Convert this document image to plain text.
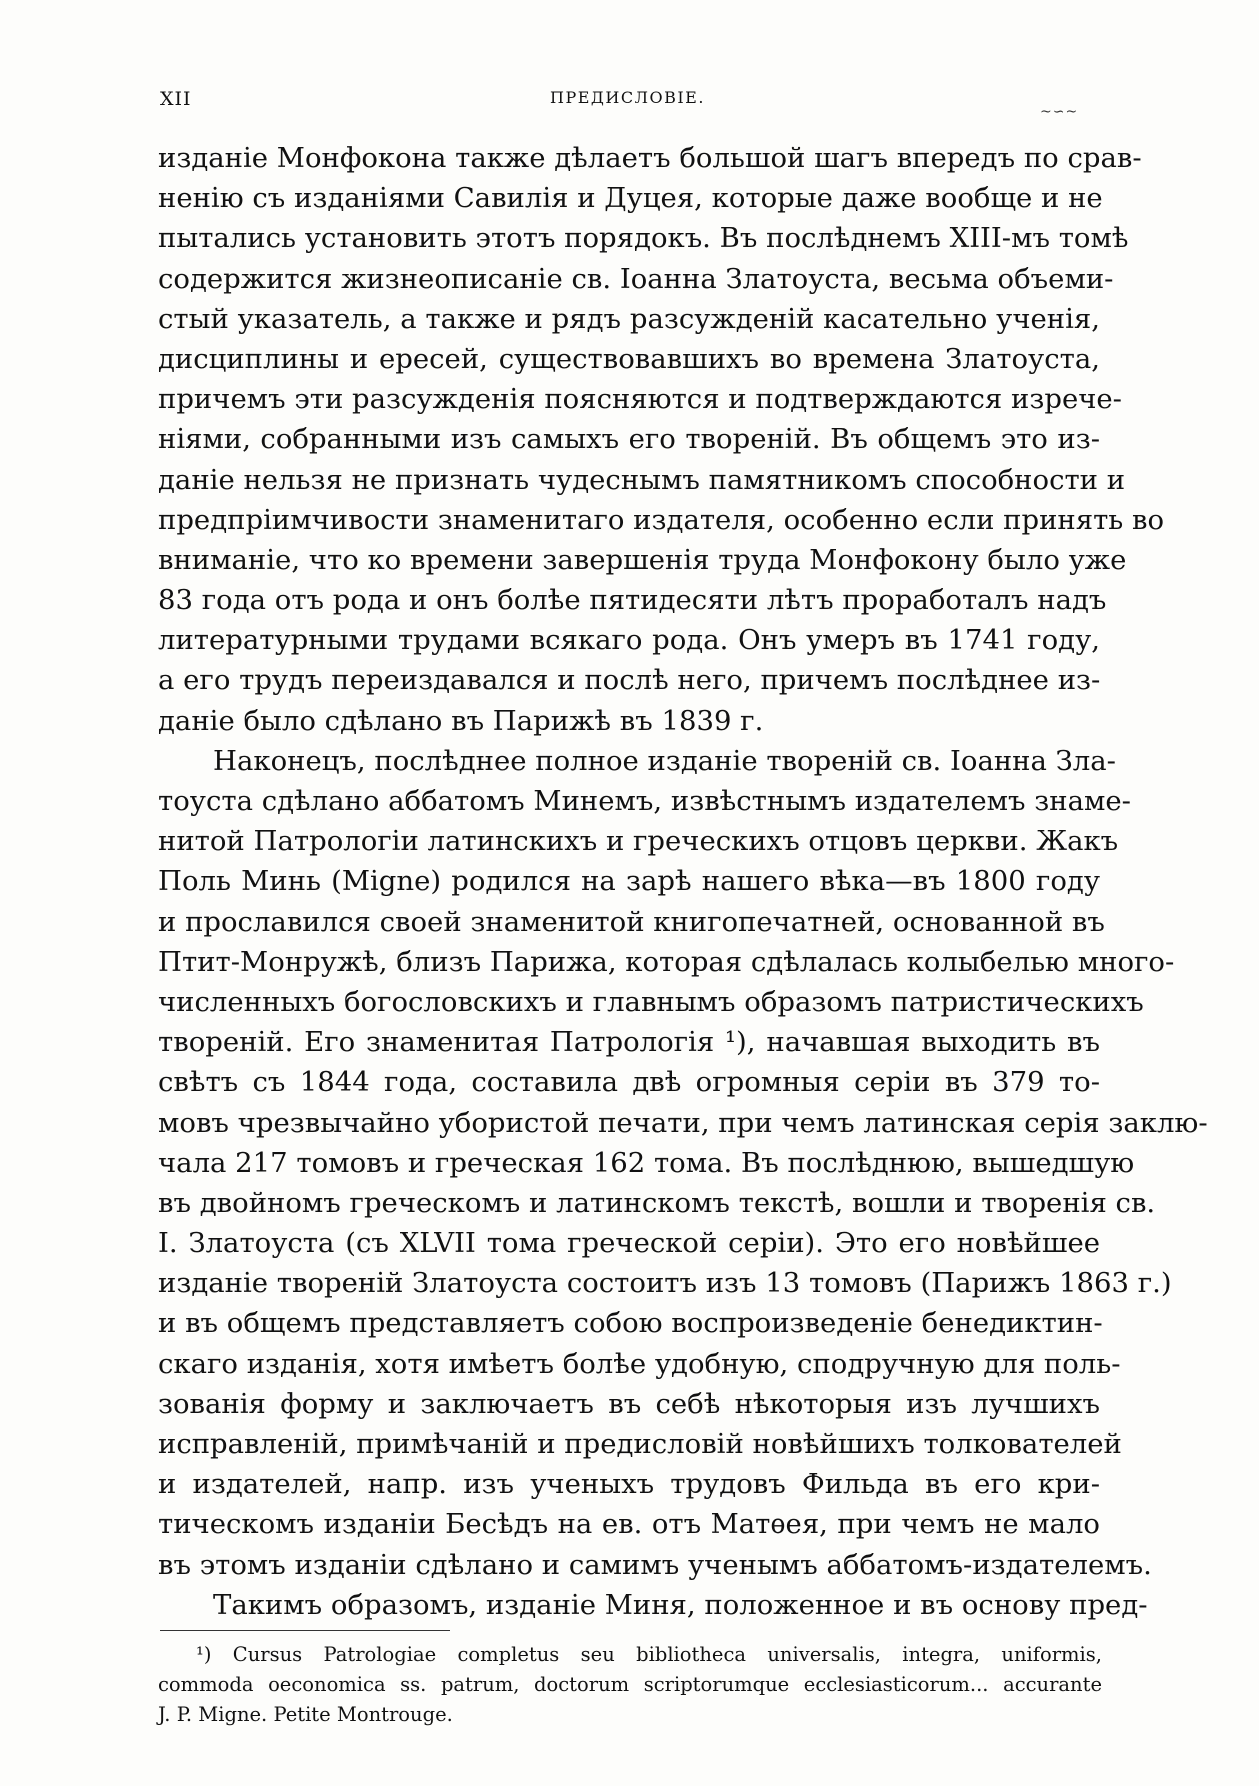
XII	ПРЕДИСЛОВІЕ.
~∽~
изданіе Монфокона также дѣлаетъ большой шагъ впередъ по срав-
ненію съ изданіями Савилія и Дуцея, которые даже вообще и не
пытались установить этотъ порядокъ. Въ послѣднемъ XIII-мъ томѣ
содержится жизнеописаніе св. Іоанна Златоуста, весьма объеми-
стый указатель, а также и рядъ разсужденій касательно ученія,
дисциплины и ересей, существовавшихъ во времена Златоуста,
причемъ эти разсужденія поясняются и подтверждаются изрече-
ніями, собранными изъ самыхъ его твореній. Въ общемъ это из-
даніе нельзя не признать чудеснымъ памятникомъ способности и
предпріимчивости знаменитаго издателя, особенно если принять во
вниманіе, что ко времени завершенія труда Монфокону было уже
83 года отъ рода и онъ болѣе пятидесяти лѣтъ проработалъ надъ
литературными трудами всякаго рода. Онъ умеръ въ 1741 году,
а его трудъ переиздавался и послѣ него, причемъ послѣднее из-
даніе было сдѣлано въ Парижѣ въ 1839 г.
Наконецъ, послѣднее полное изданіе твореній св. Іоанна Зла-
тоуста сдѣлано аббатомъ Минемъ, извѣстнымъ издателемъ знаме-
нитой Патрологіи латинскихъ и греческихъ отцовъ церкви. Жакъ
Поль Минь (Migne) родился на зарѣ нашего вѣка—въ 1800 году
и прославился своей знаменитой книгопечатней, основанной въ
Птит-Монружѣ, близъ Парижа, которая сдѣлалась колыбелью много-
численныхъ богословскихъ и главнымъ образомъ патристическихъ
твореній. Его знаменитая Патрологія ¹), начавшая выходить въ
свѣтъ съ 1844 года, составила двѣ огромныя серіи въ 379 то-
мовъ чрезвычайно убористой печати, при чемъ латинская серія заклю-
чала 217 томовъ и греческая 162 тома. Въ послѣднюю, вышедшую
въ двойномъ греческомъ и латинскомъ текстѣ, вошли и творенія св.
І. Златоуста (съ XLVII тома греческой серіи). Это его новѣйшее
изданіе твореній Златоуста состоитъ изъ 13 томовъ (Парижъ 1863 г.)
и въ общемъ представляетъ собою воспроизведеніе бенедиктин-
скаго изданія, хотя имѣетъ болѣе удобную, сподручную для поль-
зованія форму и заключаетъ въ себѣ нѣкоторыя изъ лучшихъ
исправленій, примѣчаній и предисловій новѣйшихъ толкователей
и издателей, напр. изъ ученыхъ трудовъ Фильда въ его кри-
тическомъ изданіи Бесѣдъ на ев. отъ Матѳея, при чемъ не мало
въ этомъ изданіи сдѣлано и самимъ ученымъ аббатомъ-издателемъ.
Такимъ образомъ, изданіе Миня, положенное и въ основу пред-
¹) Cursus Patrologiae completus seu bibliotheca universalis, integra, uniformis,
commoda oeconomica ss. patrum, doctorum scriptorumque ecclesiasticorum... accurante
J. P. Migne. Petite Montrouge.
